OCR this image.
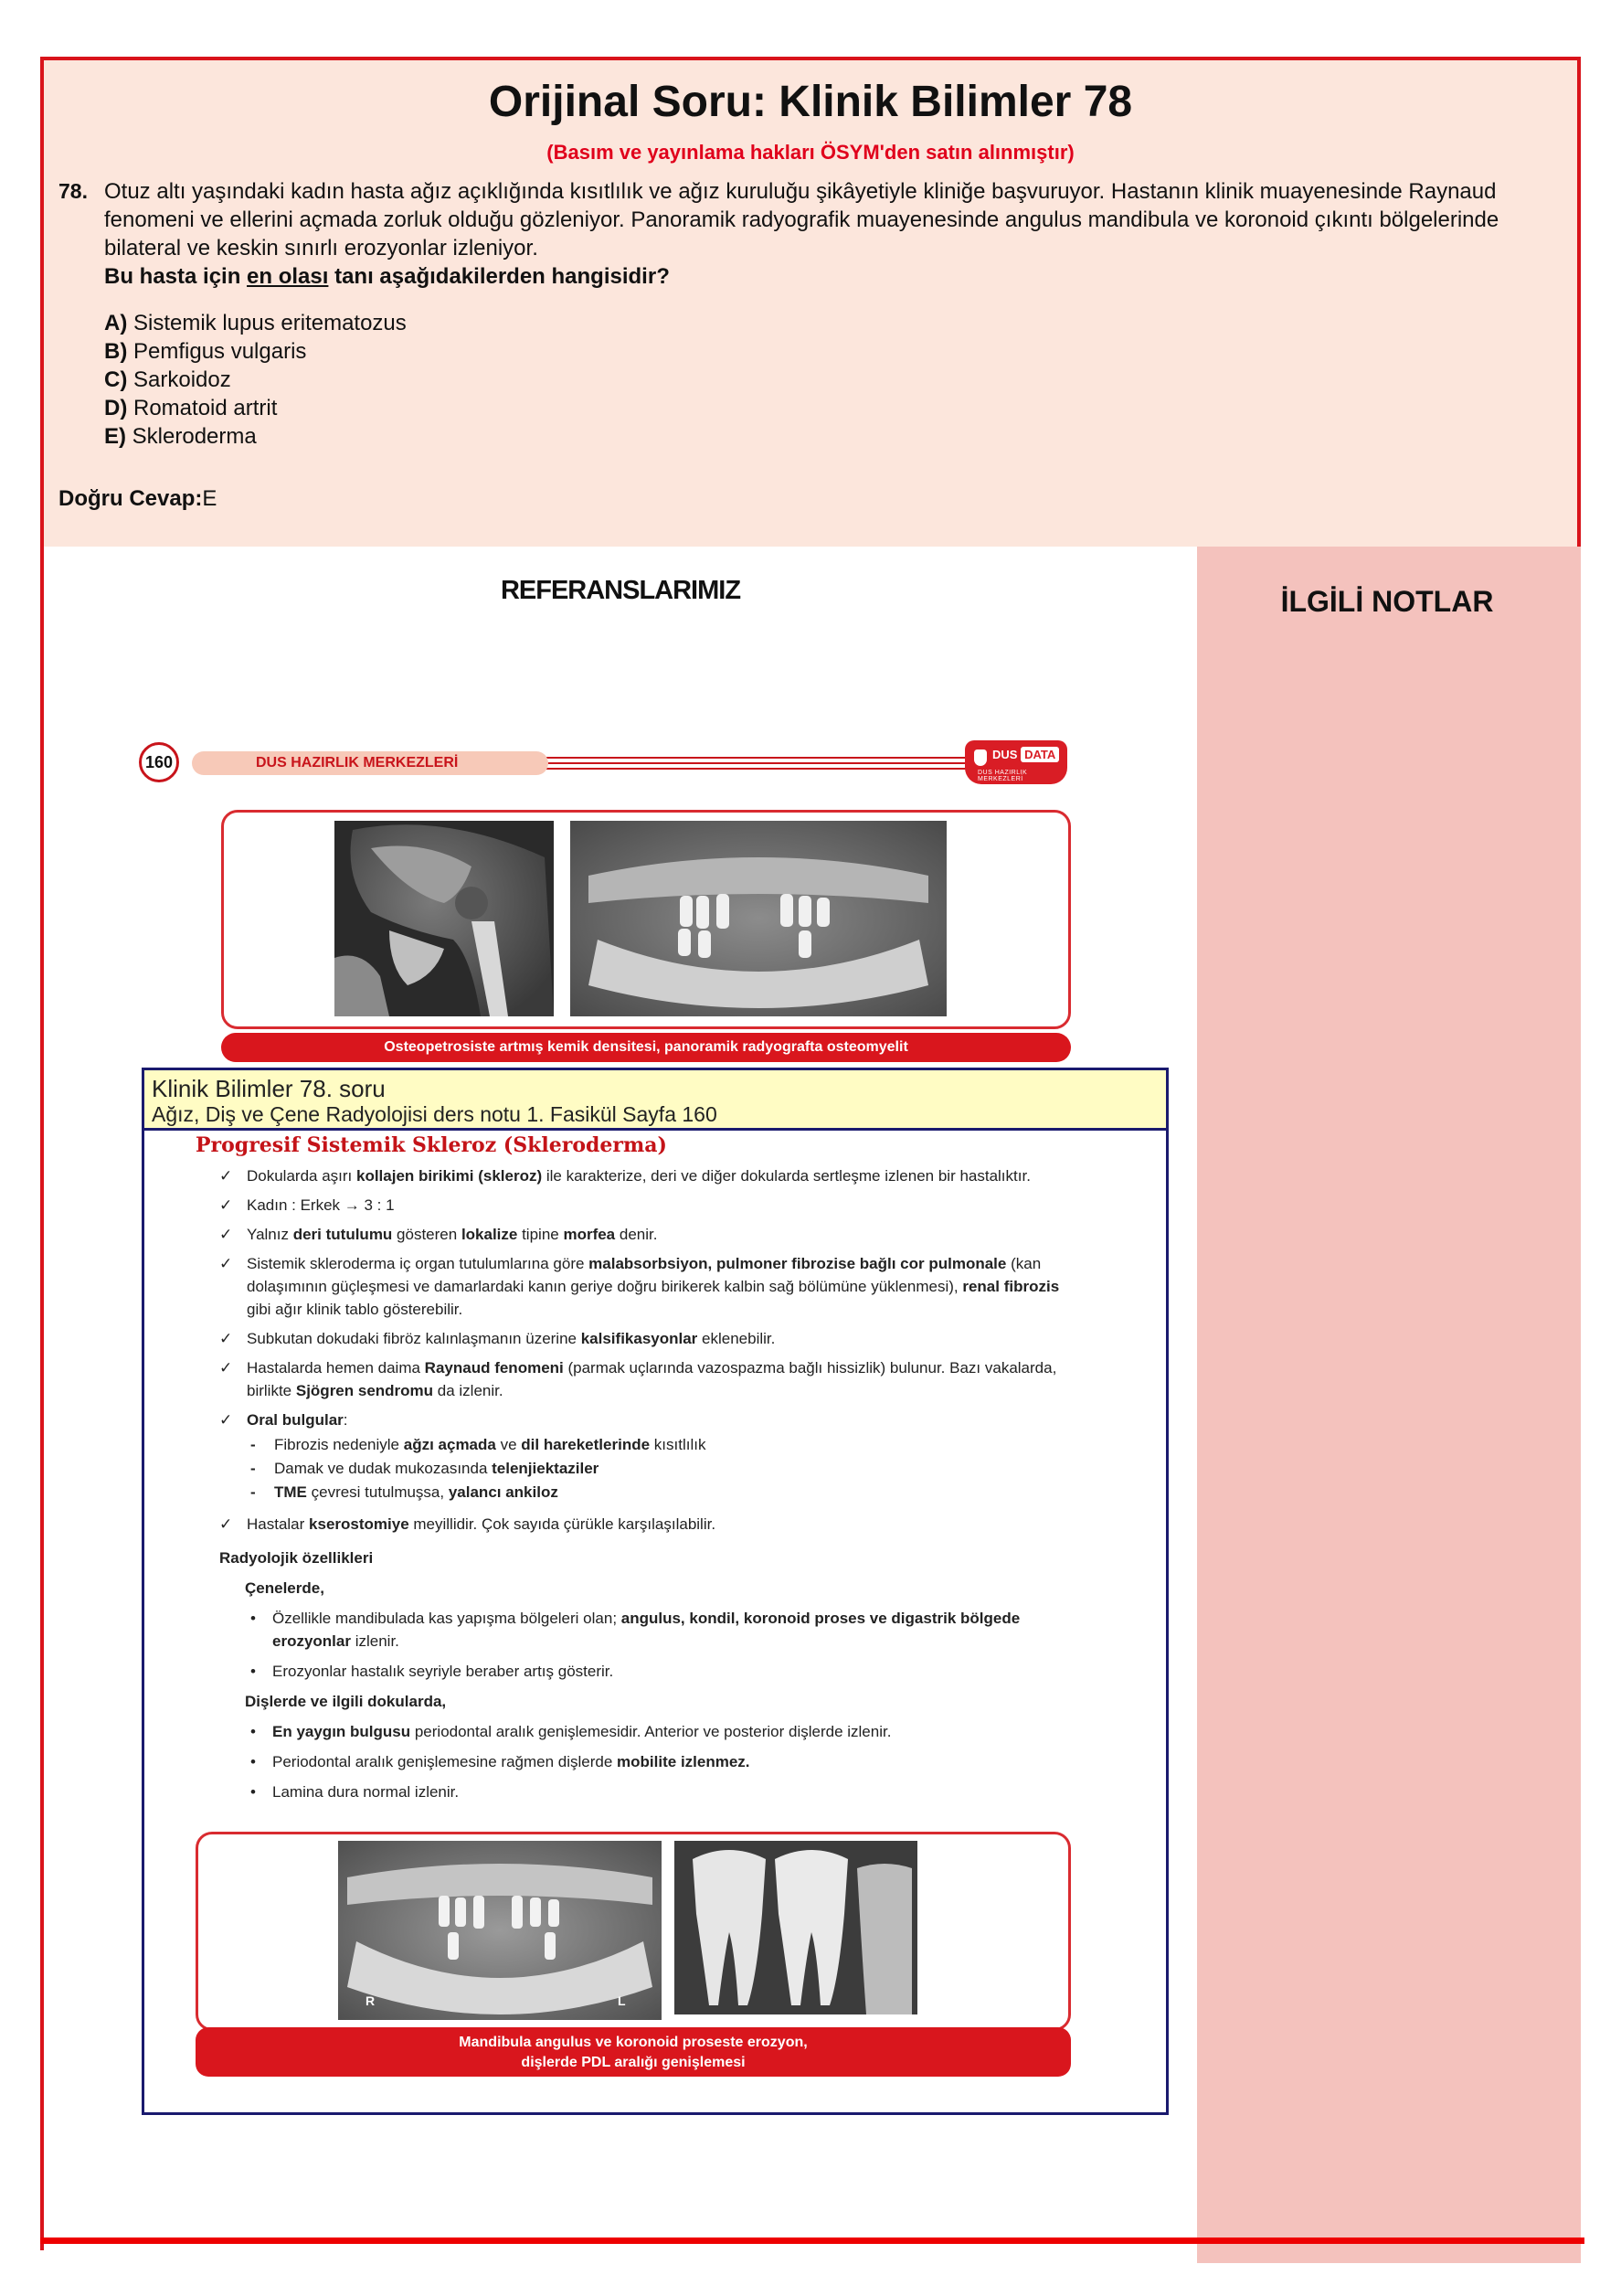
Orijinal Soru: Klinik Bilimler 78
(Basım ve yayınlama hakları ÖSYM'den satın alınmıştır)
78. Otuz altı yaşındaki kadın hasta ağız açıklığında kısıtlılık ve ağız kuruluğu şikâyetiyle kliniğe başvuruyor. Hastanın klinik muayenesinde Raynaud fenomeni ve ellerini açmada zorluk olduğu gözleniyor. Panoramik radyografik muayenesinde angulus mandibula ve koronoid çıkıntı bölgelerinde bilateral ve keskin sınırlı erozyonlar izleniyor.
Bu hasta için en olası tanı aşağıdakilerden hangisidir?
A) Sistemik lupus eritematozus
B) Pemfigus vulgaris
C) Sarkoidoz
D) Romatoid artrit
E) Skleroderma
Doğru Cevap:E
İLGİLİ NOTLAR
REFERANSLARIMIZ
DUS HAZIRLIK MERKEZLERİ
160	DUS DATA
DUS HAZIRLIK MERKEZLERİ
Osteopetrosiste artmış kemik densitesi, panoramik radyografta osteomyelit
Klinik Bilimler 78. soru
Ağız, Diş ve Çene Radyolojisi ders notu 1. Fasikül Sayfa 160
Progresif Sistemik Skleroz (Skleroderma)
✓ Dokularda aşırı kollajen birikimi (skleroz) ile karakterize, deri ve diğer dokularda sertleşme izlenen bir hastalıktır.
✓ Kadın : Erkek → 3 : 1
✓ Yalnız deri tutulumu gösteren lokalize tipine morfea denir.
✓ Sistemik skleroderma iç organ tutulumlarına göre malabsorbsiyon, pulmoner fibrozise bağlı cor pulmonale (kan dolaşımının güçleşmesi ve damarlardaki kanın geriye doğru birikerek kalbin sağ bölümüne yüklenmesi), renal fibrozis gibi ağır klinik tablo gösterebilir.
✓ Subkutan dokudaki fibröz kalınlaşmanın üzerine kalsifikasyonlar eklenebilir.
✓ Hastalarda hemen daima Raynaud fenomeni (parmak uçlarında vazospazma bağlı hissizlik) bulunur. Bazı vakalarda, birlikte Sjögren sendromu da izlenir.
✓ Oral bulgular:
- Fibrozis nedeniyle ağzı açmada ve dil hareketlerinde kısıtlılık
- Damak ve dudak mukozasında telenjiektaziler
- TME çevresi tutulmuşsa, yalancı ankiloz
✓ Hastalar kserostomiye meyillidir. Çok sayıda çürükle karşılaşılabilir.
Radyolojik özellikleri
Çenelerde,
• Özellikle mandibulada kas yapışma bölgeleri olan; angulus, kondil, koronoid proses ve digastrik bölgede erozyonlar izlenir.
• Erozyonlar hastalık seyriyle beraber artış gösterir.
Dişlerde ve ilgili dokularda,
• En yaygın bulgusu periodontal aralık genişlemesidir. Anterior ve posterior dişlerde izlenir.
• Periodontal aralık genişlemesine rağmen dişlerde mobilite izlenmez.
• Lamina dura normal izlenir.
R	L
Mandibula angulus ve koronoid proseste erozyon,
dişlerde PDL aralığı genişlemesi
